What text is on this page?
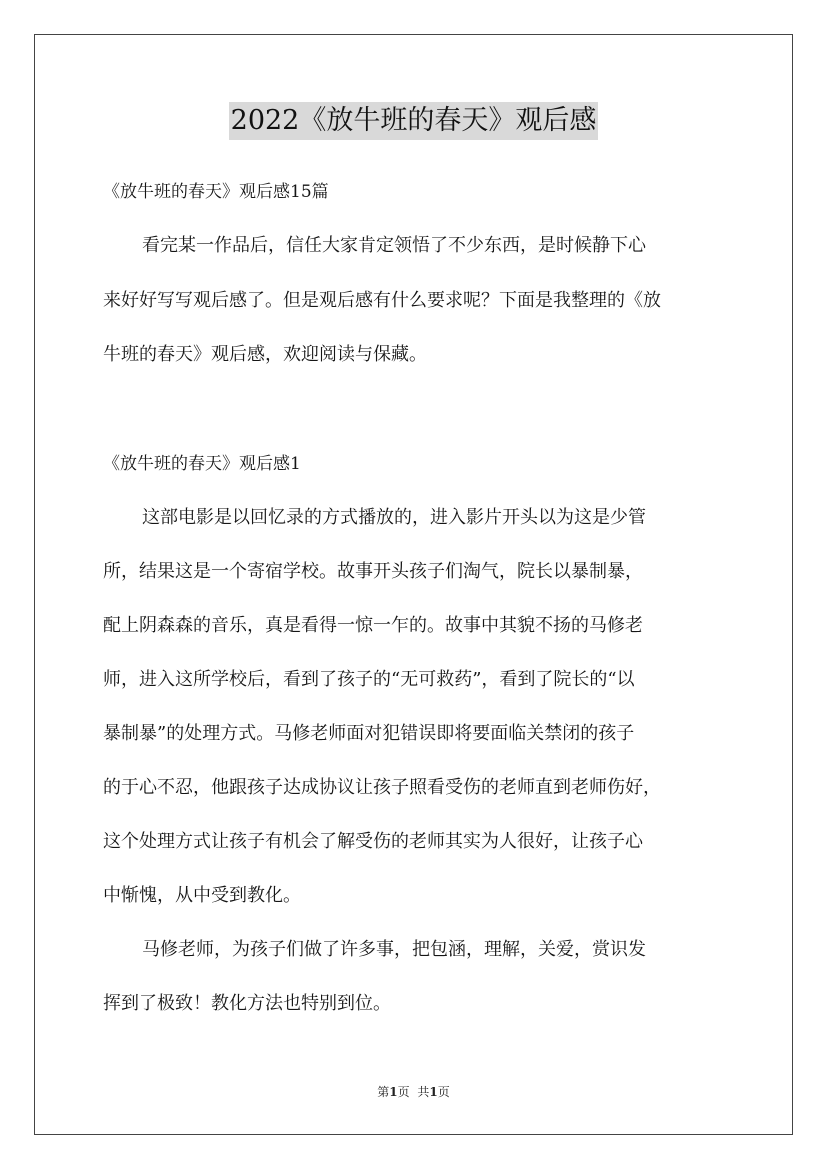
2022《放牛班的春天》观后感
《放牛班的春天》观后感15篇
看完某一作品后，信任大家肯定领悟了不少东西，是时候静下心
来好好写写观后感了。但是观后感有什么要求呢？下面是我整理的《放
牛班的春天》观后感，欢迎阅读与保藏。
《放牛班的春天》观后感1
这部电影是以回忆录的方式播放的，进入影片开头以为这是少管
所，结果这是一个寄宿学校。故事开头孩子们淘气，院长以暴制暴，
配上阴森森的音乐，真是看得一惊一乍的。故事中其貌不扬的马修老
师，进入这所学校后，看到了孩子的“无可救药”，看到了院长的“以
暴制暴”的处理方式。马修老师面对犯错误即将要面临关禁闭的孩子
的于心不忍，他跟孩子达成协议让孩子照看受伤的老师直到老师伤好，
这个处理方式让孩子有机会了解受伤的老师其实为人很好，让孩子心
中惭愧，从中受到教化。
马修老师，为孩子们做了许多事，把包涵，理解，关爱，赏识发
挥到了极致！教化方法也特别到位。
第1页 共1页
